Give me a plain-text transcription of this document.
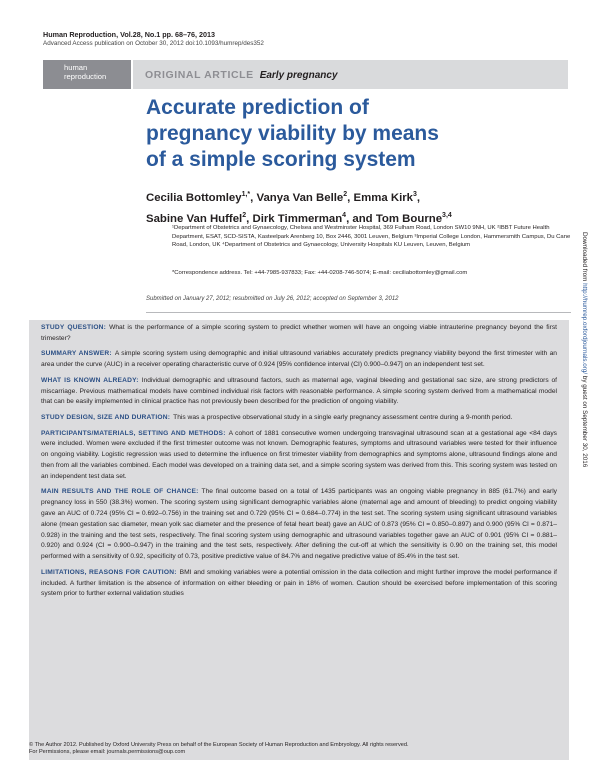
Human Reproduction, Vol.28, No.1 pp. 68–76, 2013
Advanced Access publication on October 30, 2012 doi:10.1093/humrep/des352
human
reproduction	ORIGINAL ARTICLE Early pregnancy
Accurate prediction of pregnancy viability by means of a simple scoring system
Cecilia Bottomley$^{1,*}$, Vanya Van Belle$^2$, Emma Kirk$^3$,
Sabine Van Huffel$^2$, Dirk Timmerman$^4$, and Tom Bourne$^{3,4}$
¹Department of Obstetrics and Gynaecology, Chelsea and Westminster Hospital, 369 Fulham Road, London SW10 9NH, UK ²IBBT Future Health Department, ESAT, SCD-SISTA, Kasteelpark Arenberg 10, Box 2446, 3001 Leuven, Belgium ³Imperial College London, Hammersmith Campus, Du Cane Road, London, UK ⁴Department of Obstetrics and Gynaecology, University Hospitals KU Leuven, Leuven, Belgium
*Correspondence address. Tel: +44-7985-937833; Fax: +44-0208-746-5074; E-mail: ceciliabottomley@gmail.com
Submitted on January 27, 2012; resubmitted on July 26, 2012; accepted on September 3, 2012

STUDY QUESTION: What is the performance of a simple scoring system to predict whether women will have an ongoing viable intrauterine pregnancy beyond the first trimester?

SUMMARY ANSWER: A simple scoring system using demographic and initial ultrasound variables accurately predicts pregnancy viability beyond the first trimester with an area under the curve (AUC) in a receiver operating characteristic curve of 0.924 [95% confidence interval (CI) 0.900–0.947] on an independent test set.

WHAT IS KNOWN ALREADY: Individual demographic and ultrasound factors, such as maternal age, vaginal bleeding and gestational sac size, are strong predictors of miscarriage. Previous mathematical models have combined individual risk factors with reasonable performance. A simple scoring system derived from a mathematical model that can be easily implemented in clinical practice has not previously been described for the prediction of ongoing viability.

STUDY DESIGN, SIZE AND DURATION: This was a prospective observational study in a single early pregnancy assessment centre during a 9-month period.

PARTICIPANTS/MATERIALS, SETTING AND METHODS: A cohort of 1881 consecutive women undergoing transvaginal ultrasound scan at a gestational age <84 days were included. Women were excluded if the first trimester outcome was not known. Demographic features, symptoms and ultrasound variables were tested for their influence on ongoing viability. Logistic regression was used to determine the influence on first trimester viability from demographics and symptoms alone, ultrasound findings alone and then from all the variables combined. Each model was developed on a training data set, and a simple scoring system was derived from this. This scoring system was tested on an independent test data set.

MAIN RESULTS AND THE ROLE OF CHANCE: The final outcome based on a total of 1435 participants was an ongoing viable pregnancy in 885 (61.7%) and early pregnancy loss in 550 (38.3%) women. The scoring system using significant demographic variables alone (maternal age and amount of bleeding) to predict ongoing viability gave an AUC of 0.724 (95% CI = 0.692–0.756) in the training set and 0.729 (95% CI = 0.684–0.774) in the test set. The scoring system using significant ultrasound variables alone (mean gestation sac diameter, mean yolk sac diameter and the presence of fetal heart beat) gave an AUC of 0.873 (95% CI = 0.850–0.897) and 0.900 (95% CI = 0.871–0.928) in the training and the test sets, respectively. The final scoring system using demographic and ultrasound variables together gave an AUC of 0.901 (95% CI = 0.881–0.920) and 0.924 (CI = 0.900–0.947) in the training and the test sets, respectively. After defining the cut-off at which the sensitivity is 0.90 on the training set, this model performed with a sensitivity of 0.92, specificity of 0.73, positive predictive value of 84.7% and negative predictive value of 85.4% in the test set.

LIMITATIONS, REASONS FOR CAUTION: BMI and smoking variables were a potential omission in the data collection and might further improve the model performance if included. A further limitation is the absence of information on either bleeding or pain in 18% of women. Caution should be exercised before implementation of this scoring system prior to further external validation studies

© The Author 2012. Published by Oxford University Press on behalf of the European Society of Human Reproduction and Embryology. All rights reserved.
For Permissions, please email: journals.permissions@oup.com
Downloaded from http://humrep.oxfordjournals.org/ by guest on September 30, 2016
